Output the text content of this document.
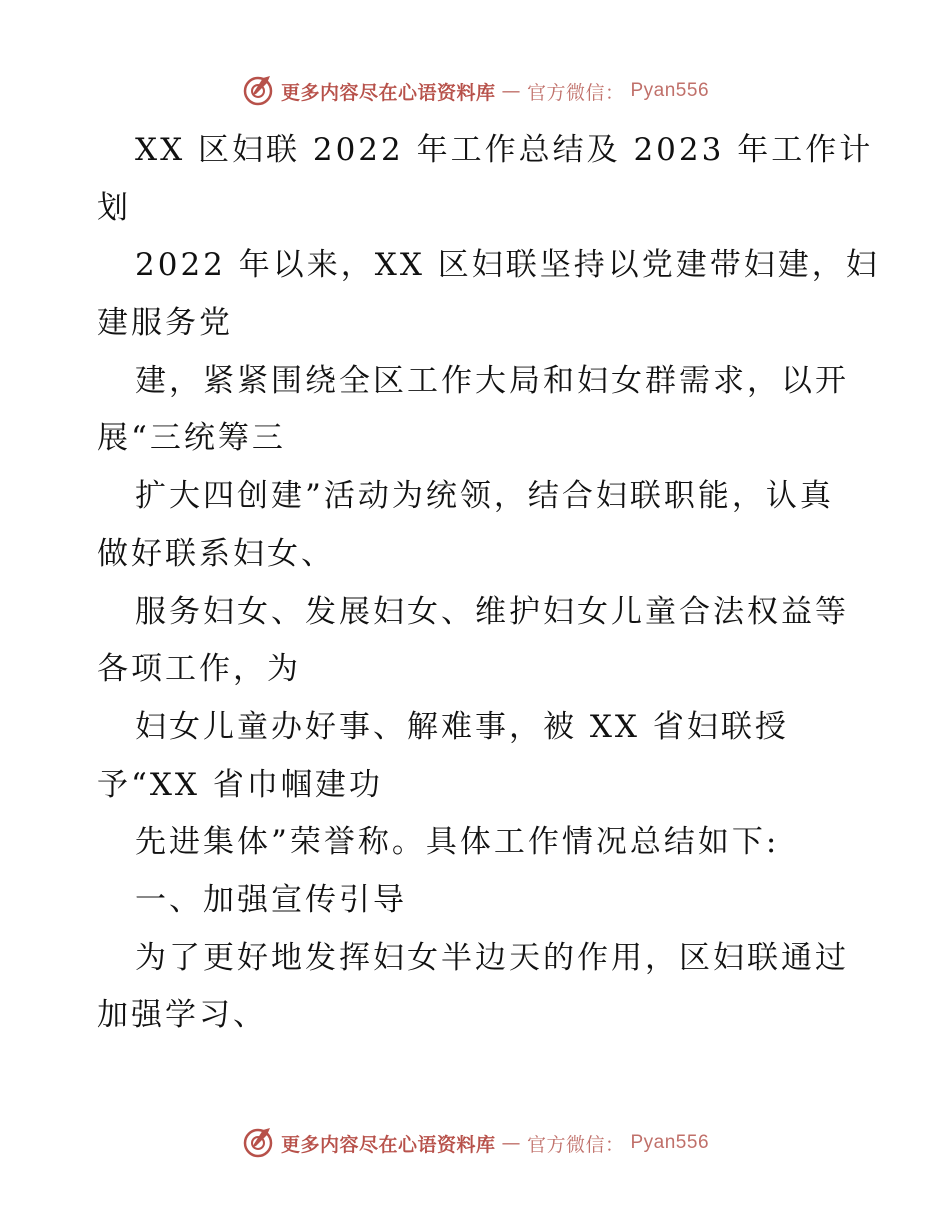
更多内容尽在心语资料库 — 官方微信： Pyan556
XX 区妇联 2022 年工作总结及 2023 年工作计
划
2022 年以来，XX 区妇联坚持以党建带妇建，妇
建服务党
建，紧紧围绕全区工作大局和妇女群需求，以开
展“三统筹三
扩大四创建”活动为统领，结合妇联职能，认真
做好联系妇女、
服务妇女、发展妇女、维护妇女儿童合法权益等
各项工作，为
妇女儿童办好事、解难事，被 XX 省妇联授
予“XX 省巾帼建功
先进集体”荣誉称。具体工作情况总结如下:
一、加强宣传引导
为了更好地发挥妇女半边天的作用，区妇联通过
加强学习、
更多内容尽在心语资料库 — 官方微信： Pyan556
